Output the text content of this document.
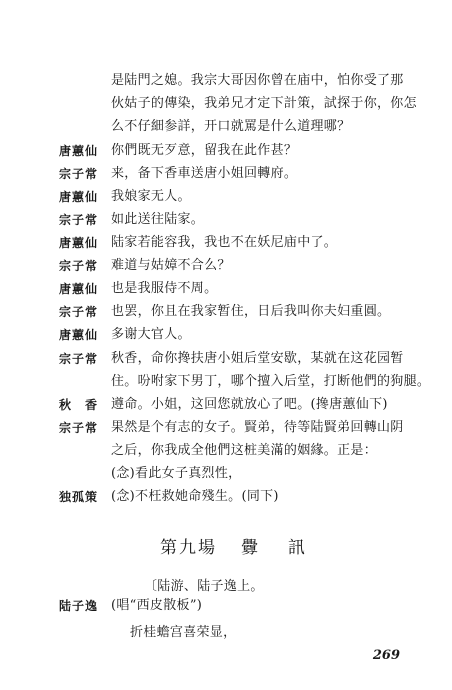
是陆門之媳。我宗大哥因你曾在庙中，怕你受了那
伙姑子的傳染，我弟兄才定下計策，試探于你，你怎
么不仔細参詳，开口就罵是什么道理哪？
唐蕙仙 你們既无歹意，留我在此作甚？
宗子常 来，备下香車送唐小姐回轉府。
唐蕙仙 我娘家无人。
宗子常 如此送往陆家。
唐蕙仙 陆家若能容我，我也不在妖尼庙中了。
宗子常 难道与姑嫜不合么？
唐蕙仙 也是我服侍不周。
宗子常 也罢，你且在我家暂住，日后我叫你夫妇重圓。
唐蕙仙 多谢大官人。
宗子常 秋香，命你搀扶唐小姐后堂安歇，某就在这花园暂
住。吩咐家下男丁，哪个擅入后堂，打断他們的狗腿。
秋　香 遵命。小姐，这回您就放心了吧。(搀唐蕙仙下)
宗子常 果然是个有志的女子。賢弟，待等陆賢弟回轉山阴
之后，你我成全他們这桩美滿的姻緣。正是：
(念)看此女子真烈性，
独孤策 (念)不枉救她命殘生。(同下)
第九場 釁 訊
〔陆游、陆子逸上。
陆子逸 (唱“西皮散板”)
折桂蟾宫喜荣显，
269
